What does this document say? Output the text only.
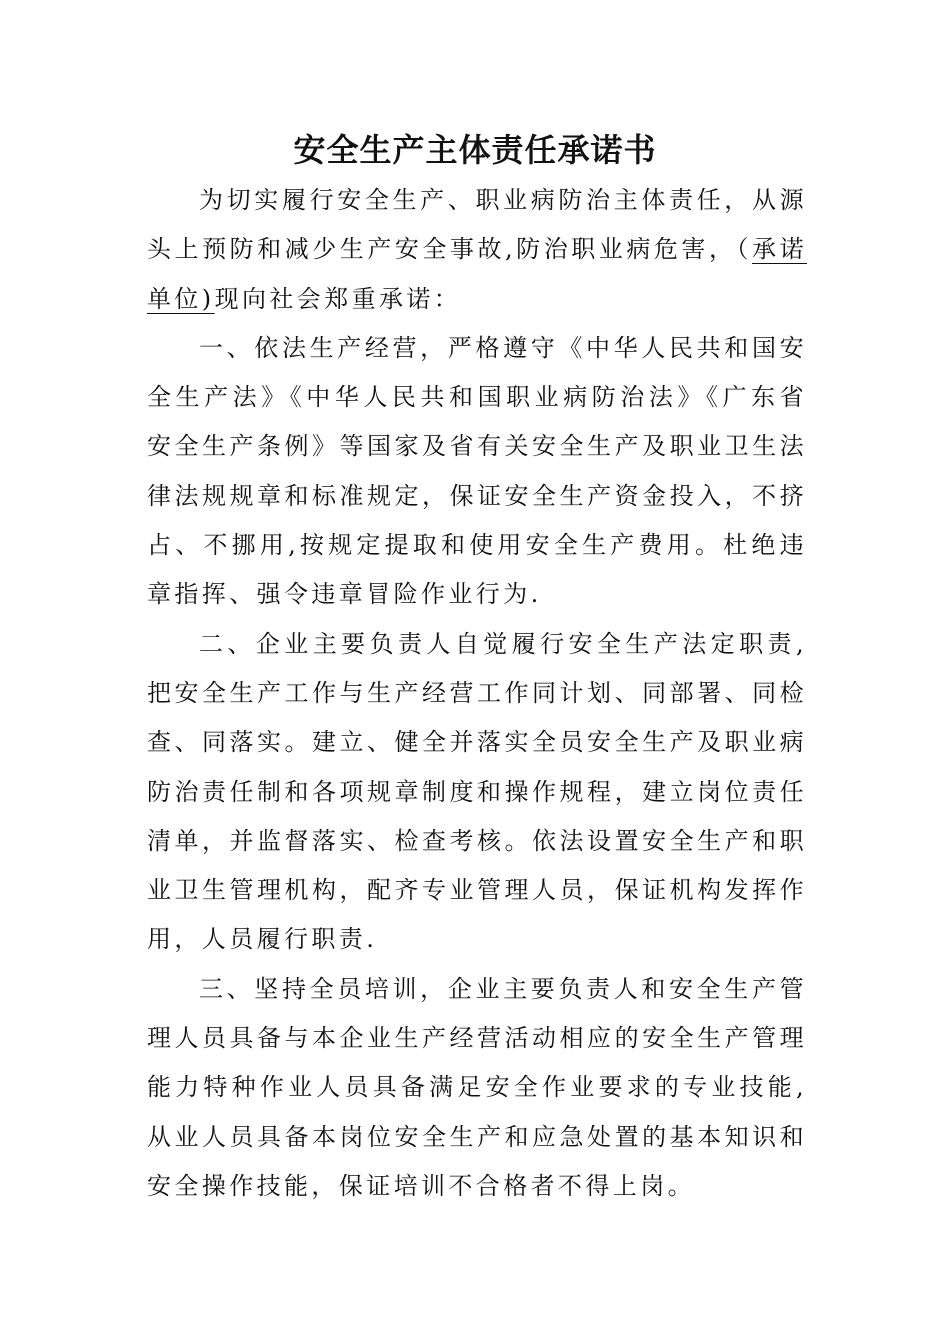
安全生产主体责任承诺书

为切实履行安全生产、职业病防治主体责任，从源头上预防和减少生产安全事故,防治职业病危害，（承诺单位)现向社会郑重承诺：

一、依法生产经营，严格遵守《中华人民共和国安全生产法》《中华人民共和国职业病防治法》《广东省安全生产条例》等国家及省有关安全生产及职业卫生法律法规规章和标准规定，保证安全生产资金投入，不挤占、不挪用,按规定提取和使用安全生产费用。杜绝违章指挥、强令违章冒险作业行为.

二、企业主要负责人自觉履行安全生产法定职责,把安全生产工作与生产经营工作同计划、同部署、同检查、同落实。建立、健全并落实全员安全生产及职业病防治责任制和各项规章制度和操作规程，建立岗位责任清单，并监督落实、检查考核。依法设置安全生产和职业卫生管理机构，配齐专业管理人员，保证机构发挥作用，人员履行职责.

三、坚持全员培训，企业主要负责人和安全生产管理人员具备与本企业生产经营活动相应的安全生产管理能力特种作业人员具备满足安全作业要求的专业技能,从业人员具备本岗位安全生产和应急处置的基本知识和安全操作技能，保证培训不合格者不得上岗。
